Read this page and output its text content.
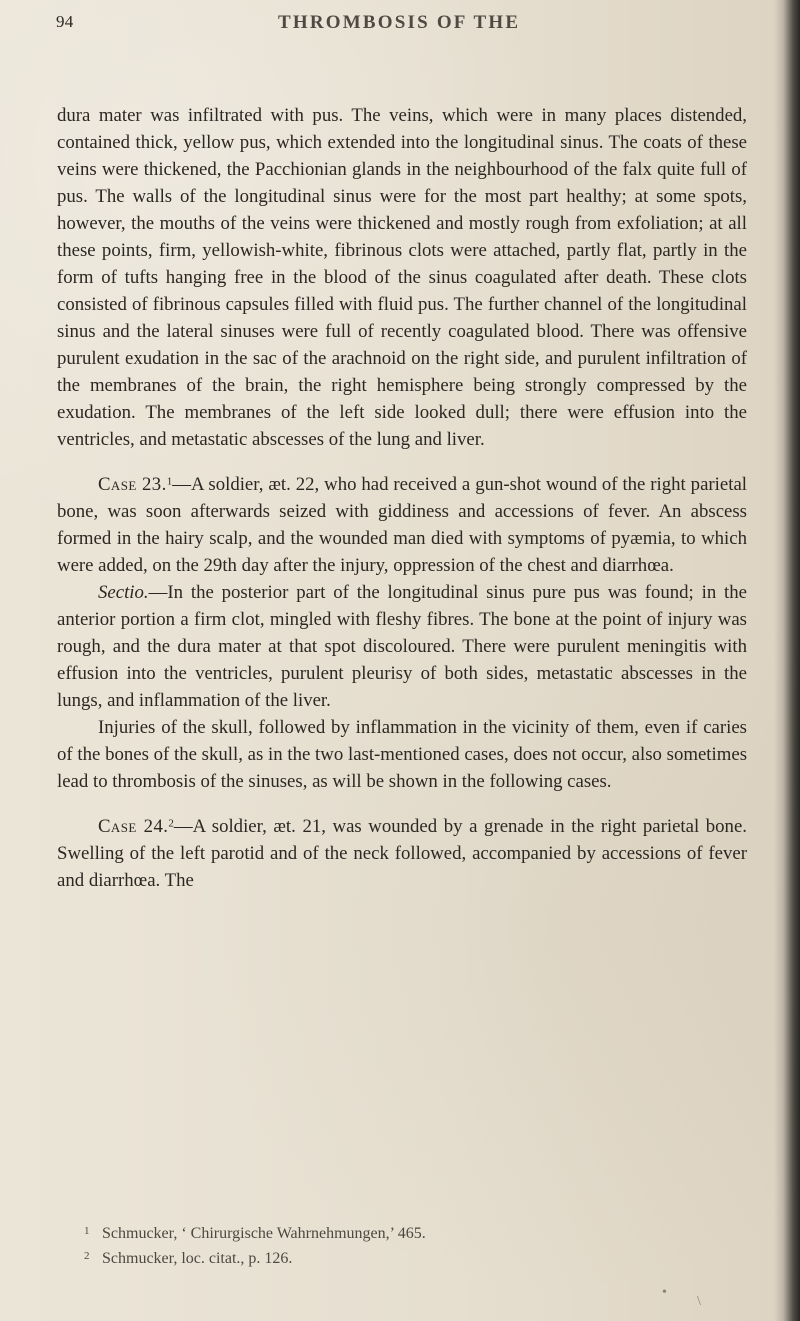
94	THROMBOSIS OF THE

dura mater was infiltrated with pus. The veins, which were in many places distended, contained thick, yellow pus, which extended into the longitudinal sinus. The coats of these veins were thickened, the Pacchionian glands in the neighbourhood of the falx quite full of pus. The walls of the longitudinal sinus were for the most part healthy; at some spots, however, the mouths of the veins were thickened and mostly rough from exfoliation; at all these points, firm, yellowish-white, fibrinous clots were attached, partly flat, partly in the form of tufts hanging free in the blood of the sinus coagulated after death. These clots consisted of fibrinous capsules filled with fluid pus. The further channel of the longitudinal sinus and the lateral sinuses were full of recently coagulated blood. There was offensive purulent exudation in the sac of the arachnoid on the right side, and purulent infiltration of the membranes of the brain, the right hemisphere being strongly compressed by the exudation. The membranes of the left side looked dull; there were effusion into the ventricles, and metastatic abscesses of the lung and liver.

Case 23.$^1$—A soldier, æt. 22, who had received a gun-shot wound of the right parietal bone, was soon afterwards seized with giddiness and accessions of fever. An abscess formed in the hairy scalp, and the wounded man died with symptoms of pyæmia, to which were added, on the 29th day after the injury, oppression of the chest and diarrhœa.

Sectio.—In the posterior part of the longitudinal sinus pure pus was found; in the anterior portion a firm clot, mingled with fleshy fibres. The bone at the point of injury was rough, and the dura mater at that spot discoloured. There were purulent meningitis with effusion into the ventricles, purulent pleurisy of both sides, metastatic abscesses in the lungs, and inflammation of the liver.

Injuries of the skull, followed by inflammation in the vicinity of them, even if caries of the bones of the skull, as in the two last-mentioned cases, does not occur, also sometimes lead to thrombosis of the sinuses, as will be shown in the following cases.

Case 24.$^2$—A soldier, æt. 21, was wounded by a grenade in the right parietal bone. Swelling of the left parotid and of the neck followed, accompanied by accessions of fever and diarrhœa. The

1 Schmucker, ‘ Chirurgische Wahrnehmungen,’ 465.

2 Schmucker, loc. citat., p. 126.

•
\
